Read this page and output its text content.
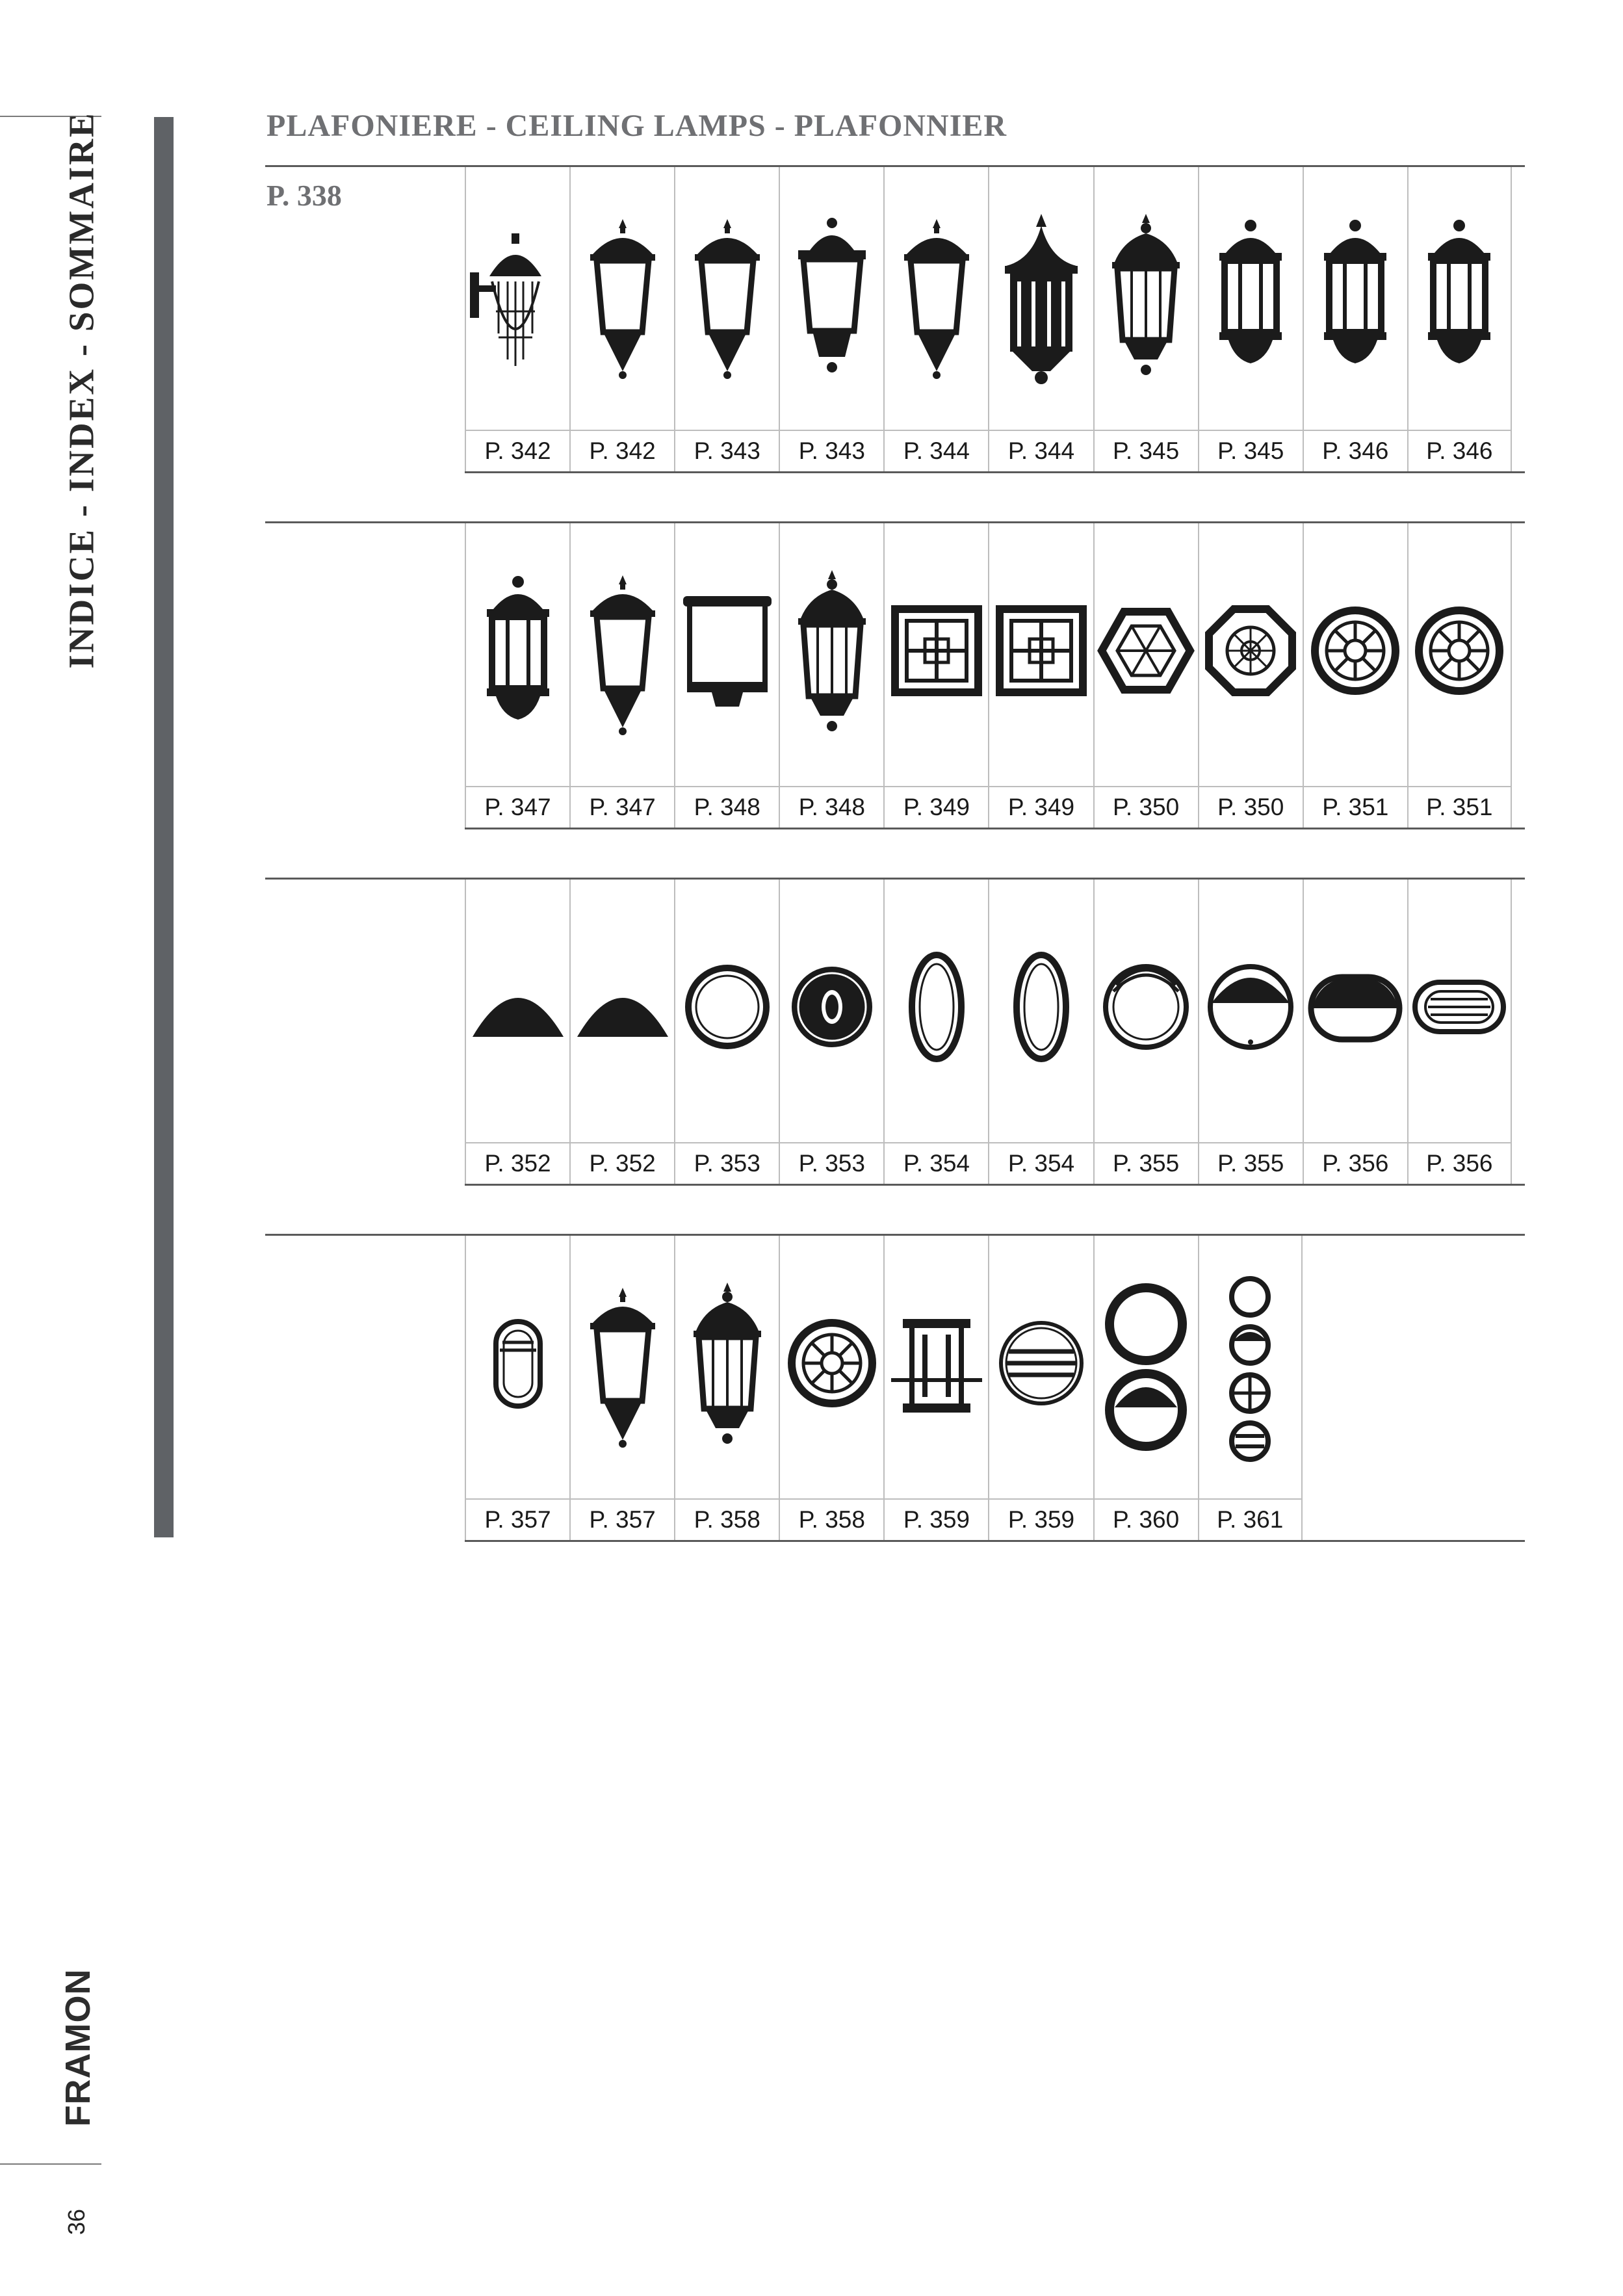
INDICE - INDEX - SOMMAIRE
FRAMON
36
PLAFONIERE - CEILING LAMPS - PLAFONNIER
P. 338
P. 342	P. 342	P. 343	P. 343	P. 344	P. 344	P. 345	P. 345	P. 346	P. 346
P. 347	P. 347	P. 348	P. 348	P. 349	P. 349	P. 350	P. 350	P. 351	P. 351
P. 352	P. 352	P. 353	P. 353	P. 354	P. 354	P. 355	P. 355	P. 356	P. 356
P. 357	P. 357	P. 358	P. 358	P. 359	P. 359	P. 360	P. 361
